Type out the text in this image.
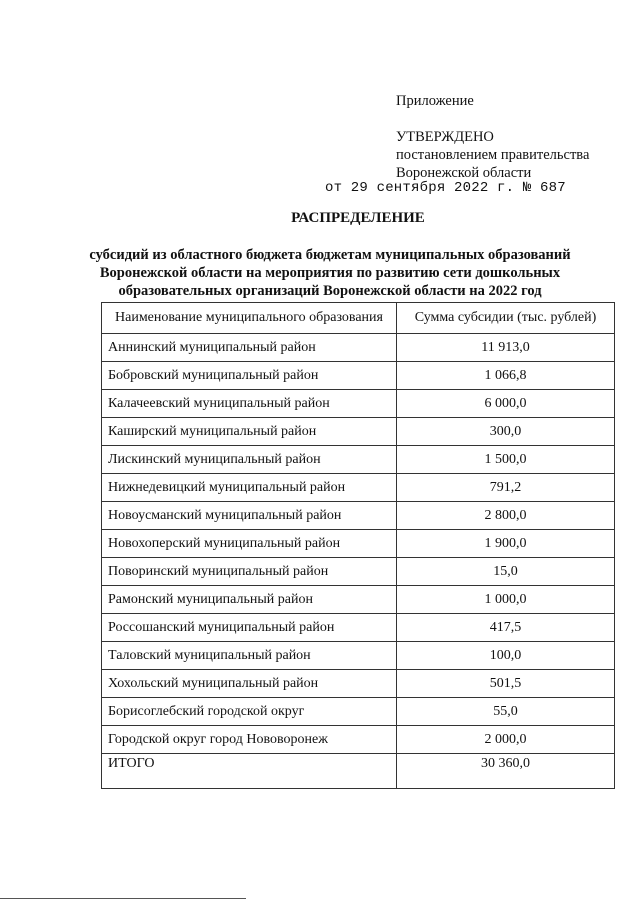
Приложение
УТВЕРЖДЕНО
постановлением правительства
Воронежской области
от 29 сентября 2022 г. № 687
РАСПРЕДЕЛЕНИЕ
субсидий из областного бюджета бюджетам муниципальных образований Воронежской области на мероприятия по развитию сети дошкольных образовательных организаций Воронежской области на 2022 год
Наименование муниципального образования	Сумма субсидии (тыс. рублей)
Аннинский муниципальный район	11 913,0
Бобровский муниципальный район	1 066,8
Калачеевский муниципальный район	6 000,0
Каширский муниципальный район	300,0
Лискинский муниципальный район	1 500,0
Нижнедевицкий муниципальный район	791,2
Новоусманский муниципальный район	2 800,0
Новохоперский муниципальный район	1 900,0
Поворинский муниципальный район	15,0
Рамонский муниципальный район	1 000,0
Россошанский муниципальный район	417,5
Таловский муниципальный район	100,0
Хохольский муниципальный район	501,5
Борисоглебский городской округ	55,0
Городской округ город Нововоронеж	2 000,0
ИТОГО	30 360,0
